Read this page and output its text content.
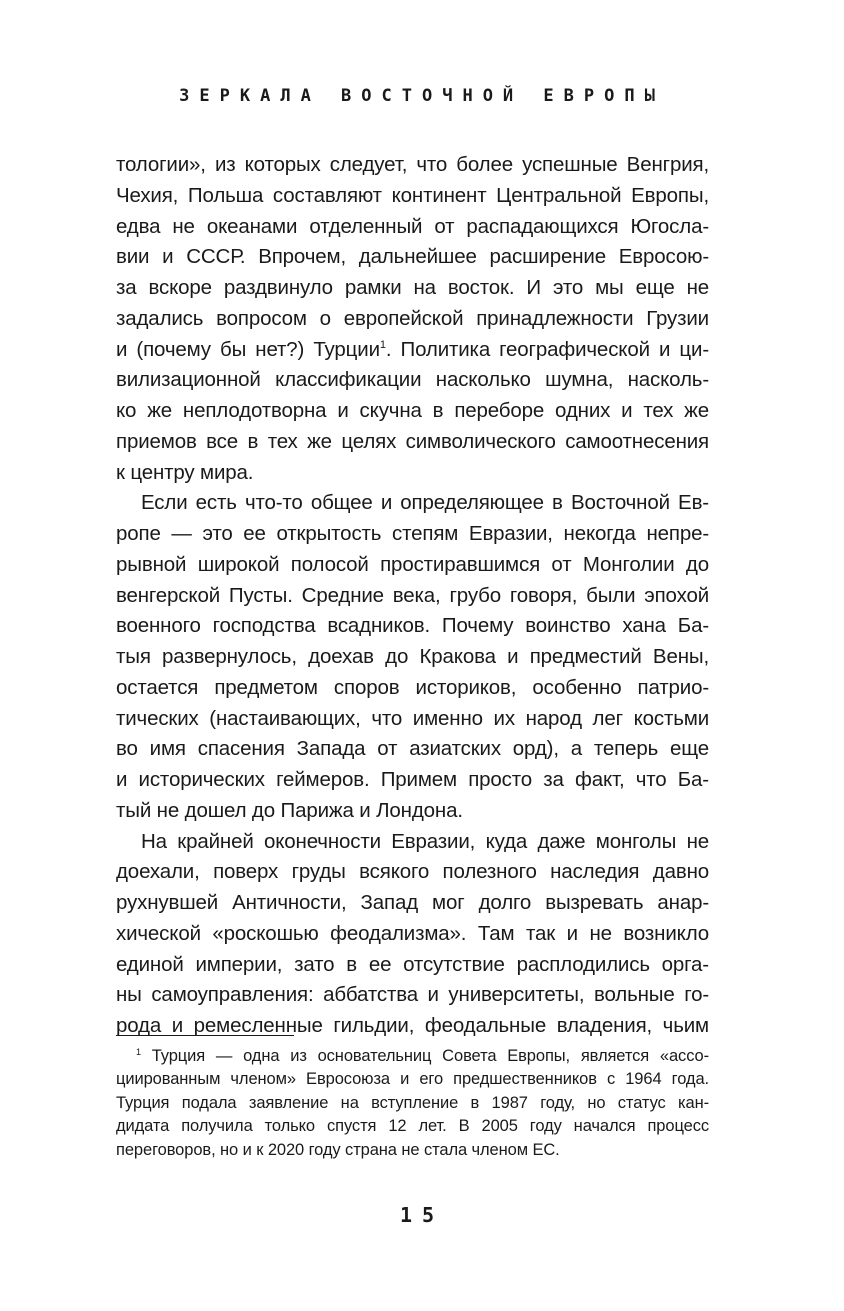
ЗЕРКАЛА ВОСТОЧНОЙ ЕВРОПЫ
тологии», из которых следует, что более успешные Венгрия,
Чехия, Польша составляют континент Центральной Европы,
едва не океанами отделенный от распадающихся Югосла-
вии и СССР. Впрочем, дальнейшее расширение Евросою-
за вскоре раздвинуло рамки на восток. И это мы еще не
задались вопросом о европейской принадлежности Грузии
и (почему бы нет?) Турции$^1$. Политика географической и ци-
вилизационной классификации насколько шумна, насколь-
ко же неплодотворна и скучна в переборе одних и тех же
приемов все в тех же целях символического самоотнесения
к центру мира.
Если есть что-то общее и определяющее в Восточной Ев-
ропе — это ее открытость степям Евразии, некогда непре-
рывной широкой полосой простиравшимся от Монголии до
венгерской Пусты. Средние века, грубо говоря, были эпохой
военного господства всадников. Почему воинство хана Ба-
тыя развернулось, доехав до Кракова и предместий Вены,
остается предметом споров историков, особенно патрио-
тических (настаивающих, что именно их народ лег костьми
во имя спасения Запада от азиатских орд), а теперь еще
и исторических геймеров. Примем просто за факт, что Ба-
тый не дошел до Парижа и Лондона.
На крайней оконечности Евразии, куда даже монголы не
доехали, поверх груды всякого полезного наследия давно
рухнувшей Античности, Запад мог долго вызревать анар-
хической «роскошью феодализма». Там так и не возникло
единой империи, зато в ее отсутствие расплодились орга-
ны самоуправления: аббатства и университеты, вольные го-
рода и ремесленные гильдии, феодальные владения, чьим
$^1$ Турция — одна из основательниц Совета Европы, является «ассо-
циированным членом» Евросоюза и его предшественников с 1964 года.
Турция подала заявление на вступление в 1987 году, но статус кан-
дидата получила только спустя 12 лет. В 2005 году начался процесс
переговоров, но и к 2020 году страна не стала членом ЕС.
15
